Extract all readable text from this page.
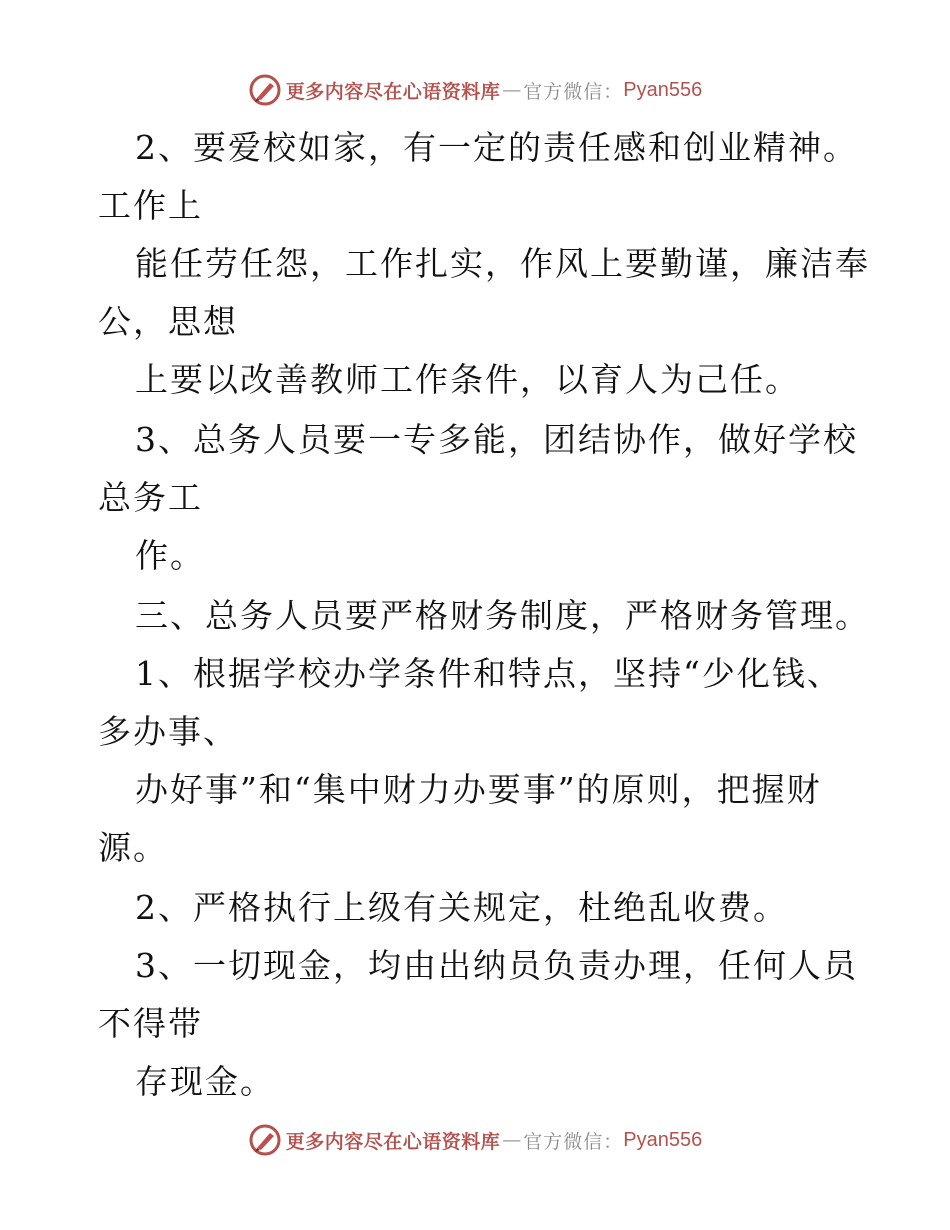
更多内容尽在心语资料库 — 官方微信： Pyan556
2、要爱校如家，有一定的责任感和创业精神。
工作上
能任劳任怨，工作扎实，作风上要勤谨，廉洁奉
公，思想
上要以改善教师工作条件，以育人为己任。
3、总务人员要一专多能，团结协作，做好学校
总务工
作。
三、总务人员要严格财务制度，严格财务管理。
1、根据学校办学条件和特点，坚持“少化钱、
多办事、
办好事”和“集中财力办要事”的原则，把握财
源。
2、严格执行上级有关规定，杜绝乱收费。
3、一切现金，均由出纳员负责办理，任何人员
不得带
存现金。
更多内容尽在心语资料库 — 官方微信： Pyan556
